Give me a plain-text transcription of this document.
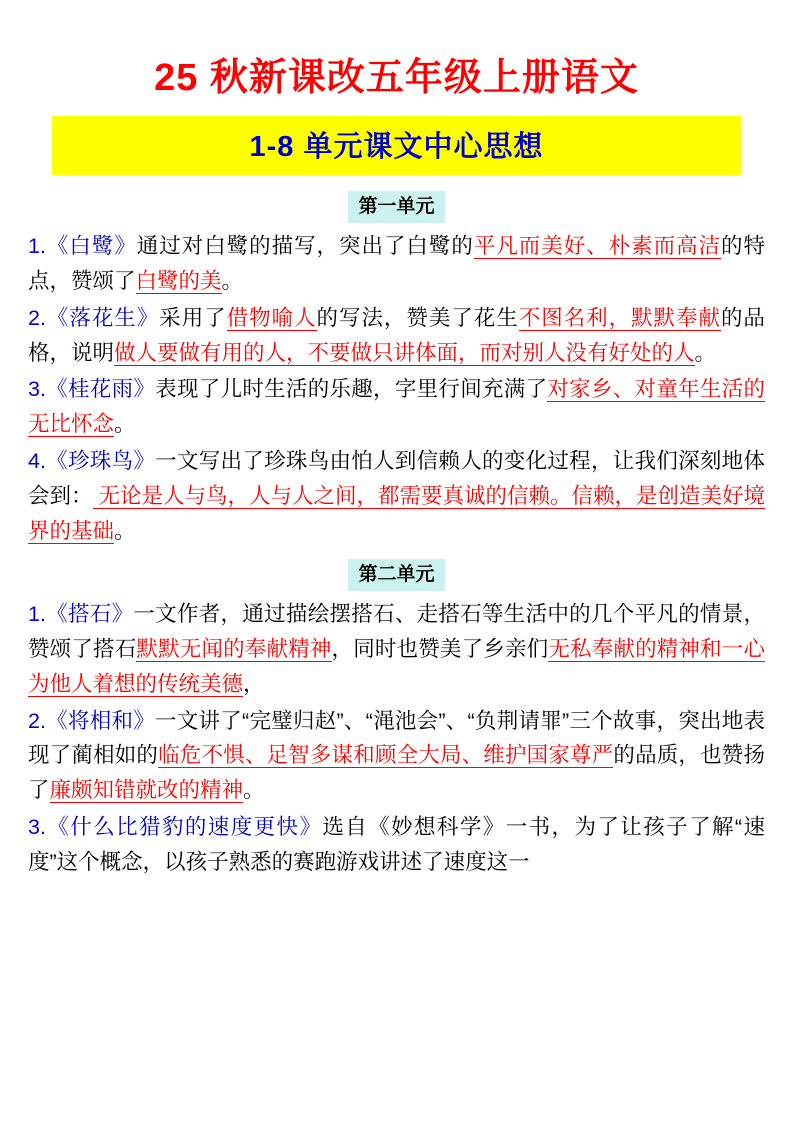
25 秋新课改五年级上册语文
1-8 单元课文中心思想
第一单元

1.《白鹭》通过对白鹭的描写，突出了白鹭的平凡而美好、朴素而高洁的特点，赞颂了白鹭的美。

2.《落花生》采用了借物喻人的写法，赞美了花生不图名利，默默奉献的品格，说明做人要做有用的人，不要做只讲体面，而对别人没有好处的人。

3.《桂花雨》表现了儿时生活的乐趣，字里行间充满了对家乡、对童年生活的无比怀念。

4.《珍珠鸟》一文写出了珍珠鸟由怕人到信赖人的变化过程，让我们深刻地体会到： 无论是人与鸟，人与人之间，都需要真诚的信赖。信赖，是创造美好境界的基础。

第二单元

1.《搭石》一文作者，通过描绘摆搭石、走搭石等生活中的几个平凡的情景，赞颂了搭石默默无闻的奉献精神，同时也赞美了乡亲们无私奉献的精神和一心为他人着想的传统美德，

2.《将相和》一文讲了“完璧归赵”、“渑池会”、“负荆请罪”三个故事，突出地表现了蔺相如的临危不惧、足智多谋和顾全大局、维护国家尊严的品质，也赞扬了廉颇知错就改的精神。

3.《什么比猎豹的速度更快》选自《妙想科学》一书，为了让孩子了解“速度”这个概念，以孩子熟悉的赛跑游戏讲述了速度这一
